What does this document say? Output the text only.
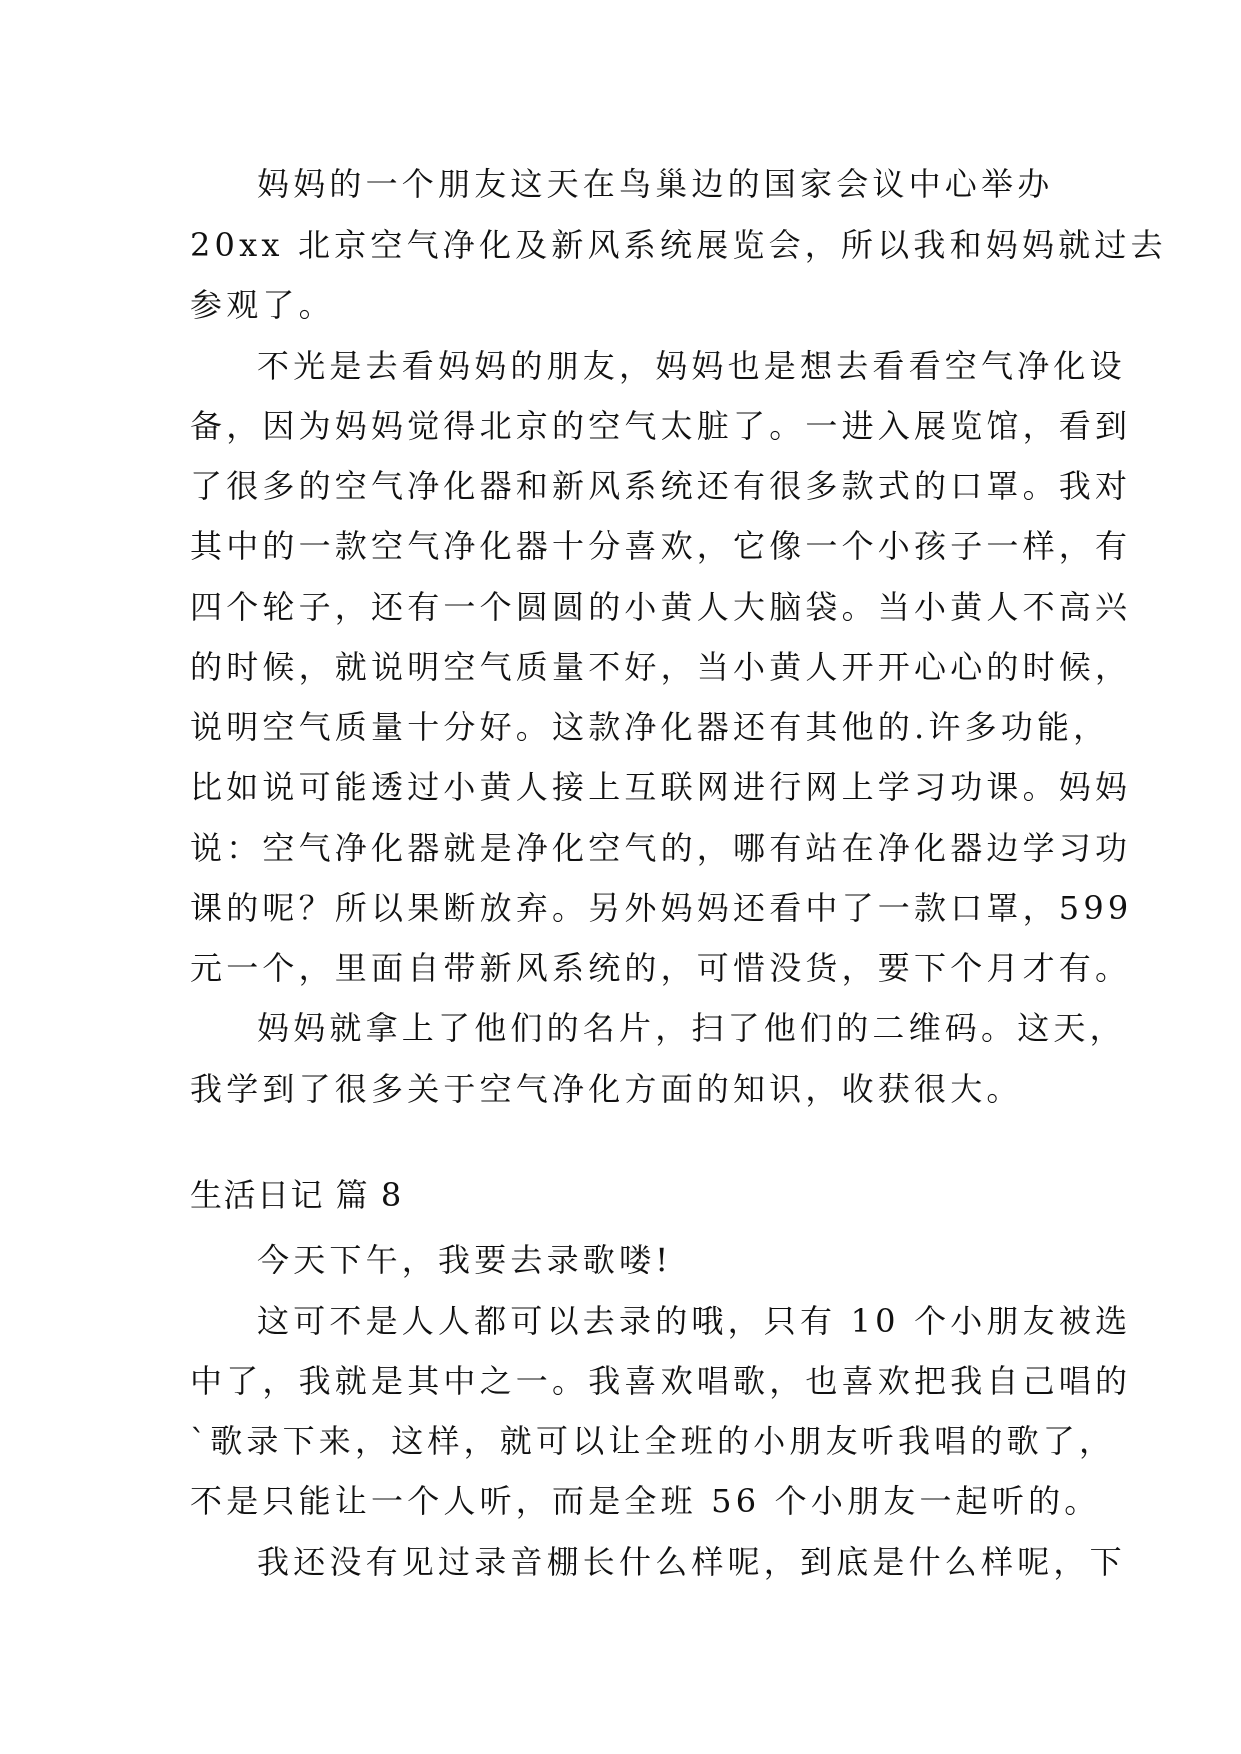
妈妈的一个朋友这天在鸟巢边的国家会议中心举办

20xx 北京空气净化及新风系统展览会，所以我和妈妈就过去

参观了。

不光是去看妈妈的朋友，妈妈也是想去看看空气净化设

备，因为妈妈觉得北京的空气太脏了。一进入展览馆，看到

了很多的空气净化器和新风系统还有很多款式的口罩。我对

其中的一款空气净化器十分喜欢，它像一个小孩子一样，有

四个轮子，还有一个圆圆的小黄人大脑袋。当小黄人不高兴

的时候，就说明空气质量不好，当小黄人开开心心的时候，

说明空气质量十分好。这款净化器还有其他的.许多功能，

比如说可能透过小黄人接上互联网进行网上学习功课。妈妈

说：空气净化器就是净化空气的，哪有站在净化器边学习功

课的呢？所以果断放弃。另外妈妈还看中了一款口罩，599

元一个，里面自带新风系统的，可惜没货，要下个月才有。

妈妈就拿上了他们的名片，扫了他们的二维码。这天，

我学到了很多关于空气净化方面的知识，收获很大。

生活日记 篇 8

今天下午，我要去录歌喽!

这可不是人人都可以去录的哦，只有 10 个小朋友被选

中了，我就是其中之一。我喜欢唱歌，也喜欢把我自己唱的

`歌录下来，这样，就可以让全班的小朋友听我唱的歌了，

不是只能让一个人听，而是全班 56 个小朋友一起听的。

我还没有见过录音棚长什么样呢，到底是什么样呢，下
